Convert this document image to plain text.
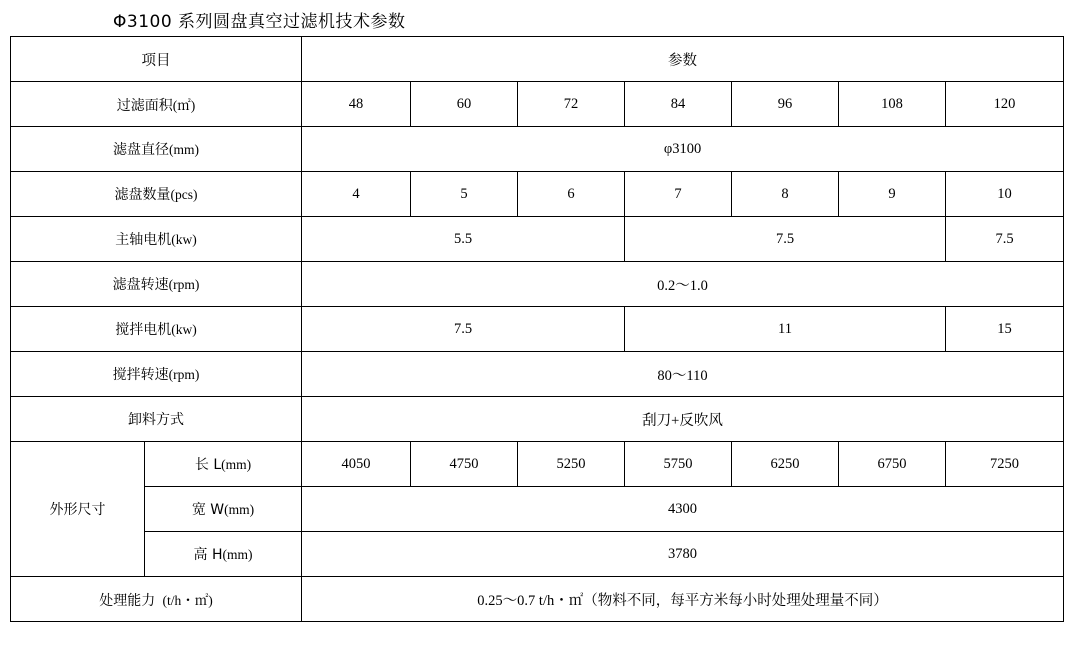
Φ3100 系列圆盘真空过滤机技术参数
项目		参数						
过滤面积(㎡)		48	60	72	84	96	108	120
滤盘直径(mm)		φ3100						
滤盘数量(pcs)		4	5	6	7	8	9	10
主轴电机(kw)		5.5			7.5			7.5
滤盘转速(rpm)		0.2～1.0						
搅拌电机(kw)		7.5			11			15
搅拌转速(rpm)		80～110						
卸料方式		刮刀+反吹风						
外形尺寸	长 L(mm)	4050	4750	5250	5750	6250	6750	7250
	宽 W(mm)	4300						
	高 H(mm)	3780						
处理能力 (t/h・㎡)		0.25～0.7 t/h・㎡（物料不同，每平方米每小时处理处理量不同）						
